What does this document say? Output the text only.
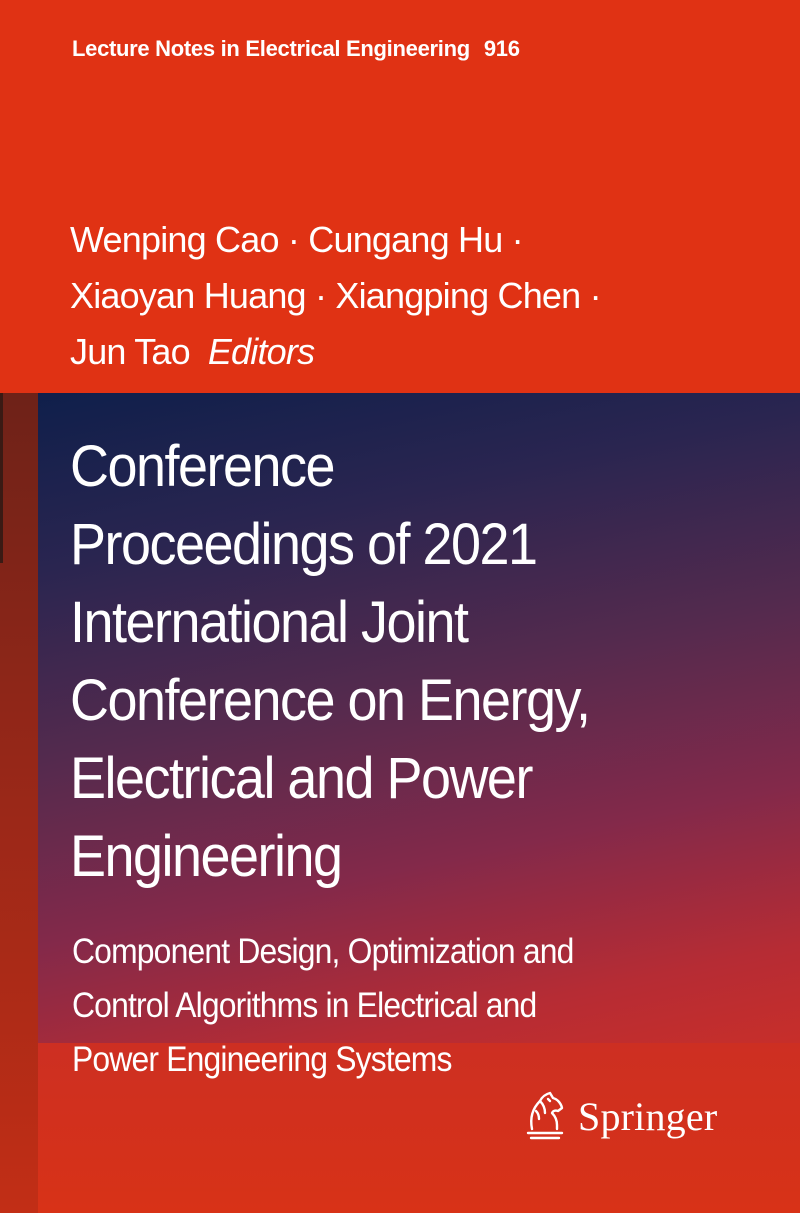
Lecture Notes in Electrical Engineering 916
Wenping Cao · Cungang Hu ·
Xiaoyan Huang · Xiangping Chen ·
Jun Tao Editors
Conference
Proceedings of 2021
International Joint
Conference on Energy,
Electrical and Power
Engineering
Component Design, Optimization and
Control Algorithms in Electrical and
Power Engineering Systems
Springer
